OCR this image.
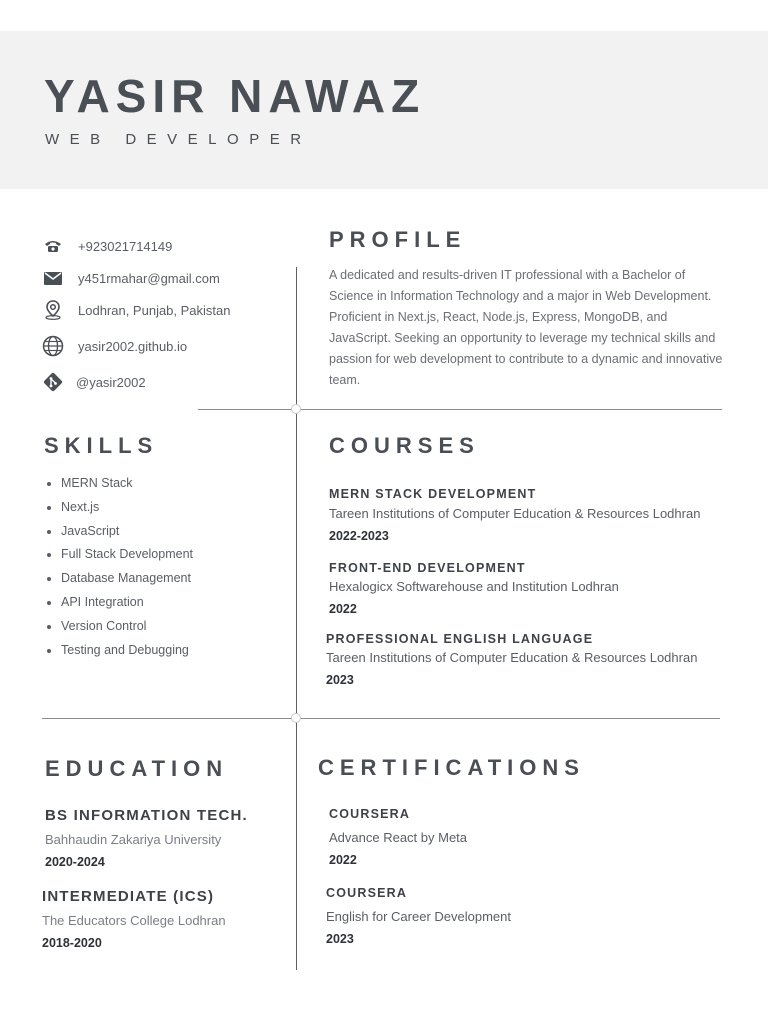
YASIR NAWAZ
WEB DEVELOPER
+923021714149
y451rmahar@gmail.com
Lodhran, Punjab, Pakistan
yasir2002.github.io
@yasir2002
PROFILE
A dedicated and results-driven IT professional with a Bachelor of Science in Information Technology and a major in Web Development. Proficient in Next.js, React, Node.js, Express, MongoDB, and JavaScript. Seeking an opportunity to leverage my technical skills and passion for web development to contribute to a dynamic and innovative team.
SKILLS
• MERN Stack
• Next.js
• JavaScript
• Full Stack Development
• Database Management
• API Integration
• Version Control
• Testing and Debugging
COURSES
MERN STACK DEVELOPMENT
Tareen Institutions of Computer Education & Resources Lodhran
2022-2023
FRONT-END DEVELOPMENT
Hexalogicx Softwarehouse and Institution Lodhran
2022
PROFESSIONAL ENGLISH LANGUAGE
Tareen Institutions of Computer Education & Resources Lodhran
2023
EDUCATION
BS INFORMATION TECH.
Bahhaudin Zakariya University
2020-2024
INTERMEDIATE (ICS)
The Educators College Lodhran
2018-2020
CERTIFICATIONS
COURSERA
Advance React by Meta
2022
COURSERA
English for Career Development
2023
